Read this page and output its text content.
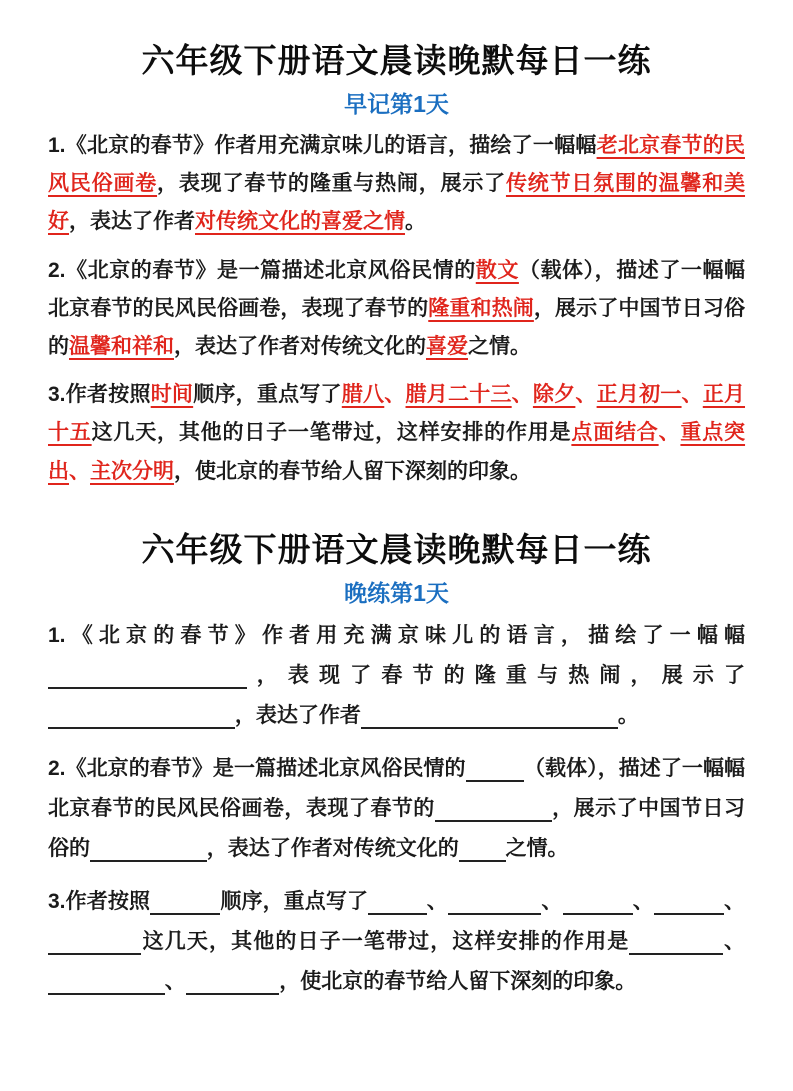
六年级下册语文晨读晚默每日一练
早记第1天

1.《北京的春节》作者用充满京味儿的语言，描绘了一幅幅老北京春节的民风民俗画卷，表现了春节的隆重与热闹，展示了传统节日氛围的温馨和美好，表达了作者对传统文化的喜爱之情。

2.《北京的春节》是一篇描述北京风俗民情的散文（载体），描述了一幅幅北京春节的民风民俗画卷，表现了春节的隆重和热闹，展示了中国节日习俗的温馨和祥和，表达了作者对传统文化的喜爱之情。

3.作者按照时间顺序，重点写了腊八、腊月二十三、除夕、正月初一、正月十五这几天，其他的日子一笔带过，这样安排的作用是点面结合、重点突出、主次分明，使北京的春节给人留下深刻的印象。

六年级下册语文晨读晚默每日一练
晚练第1天

1.《北京的春节》作者用充满京味儿的语言，描绘了一幅幅，表现了春节的隆重与热闹，展示了，表达了作者	。

2.《北京的春节》是一篇描述北京风俗民情的	（载体），描述了一幅幅北京春节的民风民俗画卷，表现了春节的	，展示了中国节日习俗的	，表达了作者对传统文化的 之情。

3.作者按照	顺序，重点写了	、	、	、	、这几天，其他的日子一笔带过，这样安排的作用是	、、	，使北京的春节给人留下深刻的印象。
